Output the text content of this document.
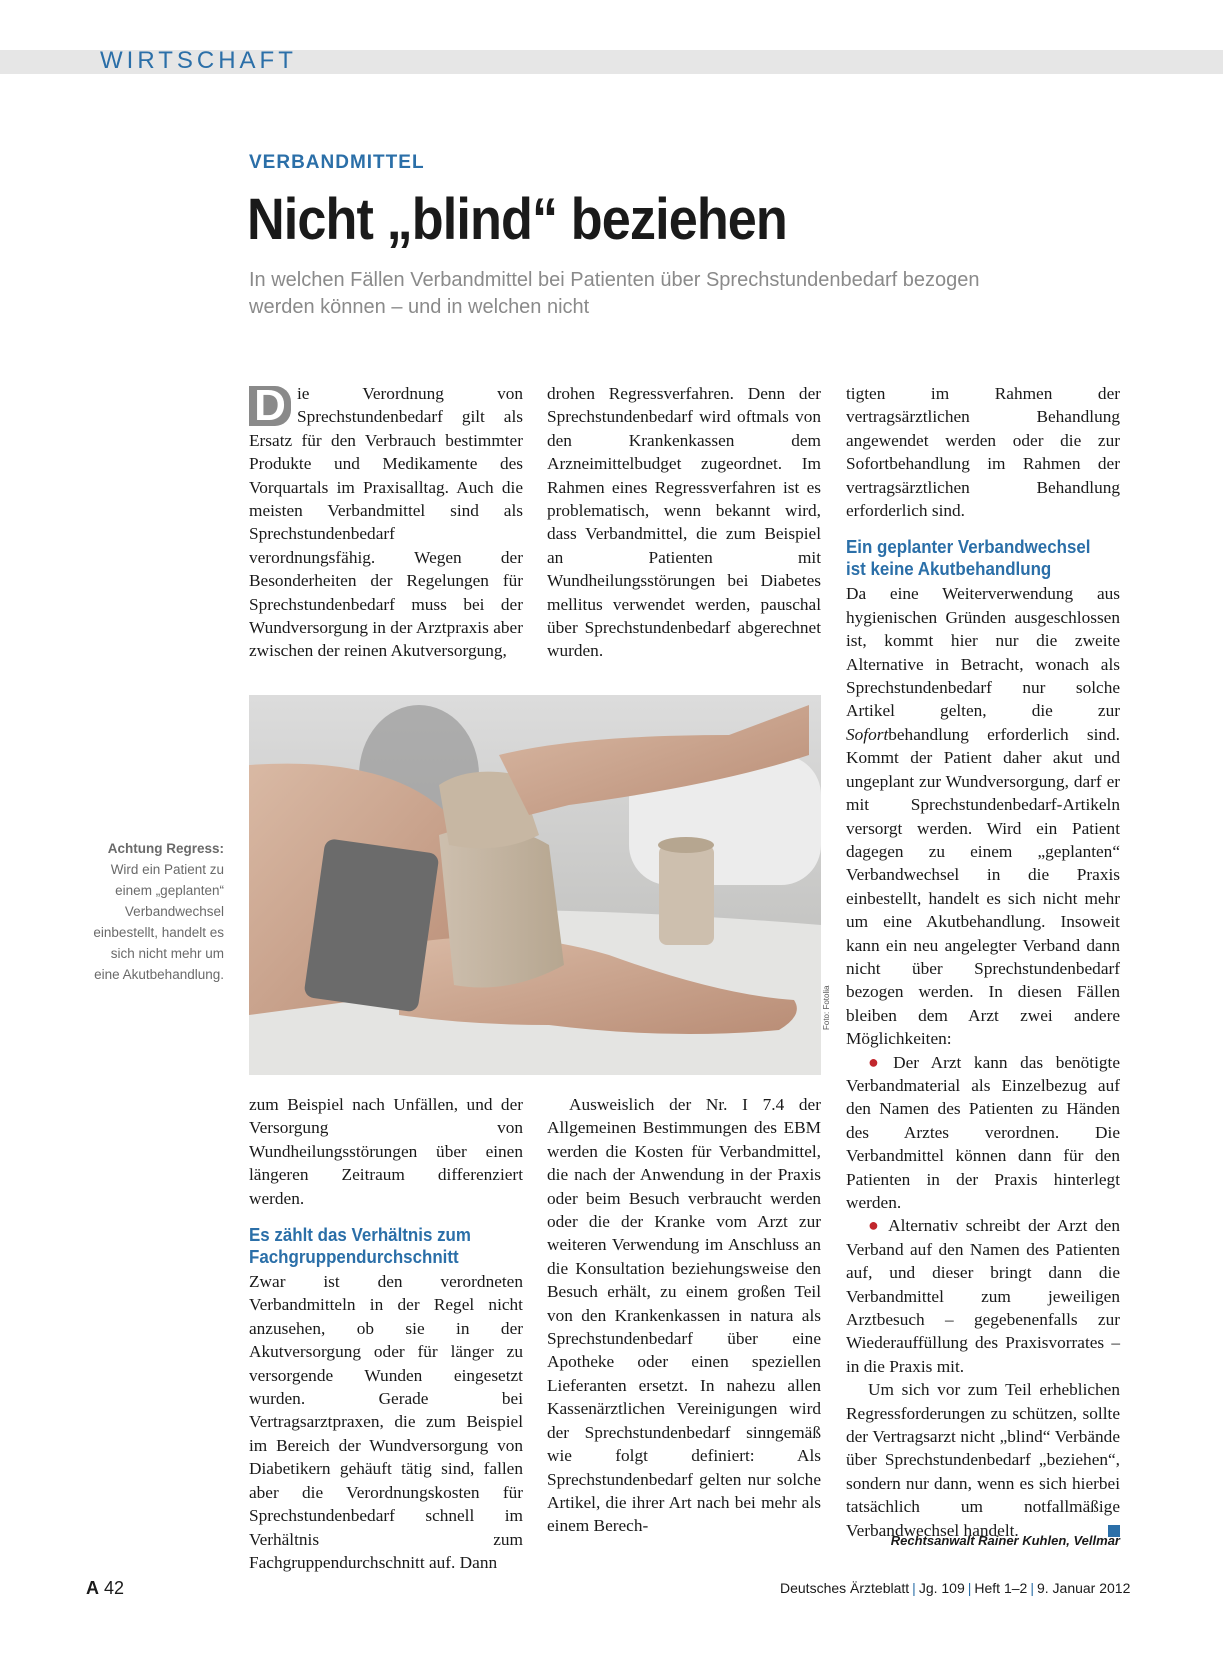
WIRTSCHAFT
VERBANDMITTEL
Nicht „blind“ beziehen
In welchen Fällen Verbandmittel bei Patienten über Sprechstundenbedarf bezogen werden können – und in welchen nicht
D ie Verordnung von Sprechstundenbedarf gilt als Ersatz für den Verbrauch bestimmter Produkte und Medikamente des Vorquartals im Praxisalltag. Auch die meisten Verbandmittel sind als Sprechstundenbedarf verordnungsfähig. Wegen der Besonderheiten der Regelungen für Sprechstundenbedarf muss bei der Wundversorgung in der Arztpraxis aber zwischen der reinen Akutversorgung,

drohen Regressverfahren. Denn der Sprechstundenbedarf wird oftmals von den Krankenkassen dem Arzneimittelbudget zugeordnet. Im Rahmen eines Regressverfahren ist es problematisch, wenn bekannt wird, dass Verbandmittel, die zum Beispiel an Patienten mit Wundheilungsstörungen bei Diabetes mellitus verwendet werden, pauschal über Sprechstundenbedarf abgerechnet wurden.

tigten im Rahmen der vertragsärztlichen Behandlung angewendet werden oder die zur Sofortbehandlung im Rahmen der vertragsärztlichen Behandlung erforderlich sind.

Ein geplanter Verbandwechsel ist keine Akutbehandlung

Da eine Weiterverwendung aus hygienischen Gründen ausgeschlossen ist, kommt hier nur die zweite Alternative in Betracht, wonach als Sprechstundenbedarf nur solche Artikel gelten, die zur Sofortbehandlung erforderlich sind. Kommt der Patient daher akut und ungeplant zur Wundversorgung, darf er mit Sprechstundenbedarf-Artikeln versorgt werden. Wird ein Patient dagegen zu einem „geplanten“ Verbandwechsel in die Praxis einbestellt, handelt es sich nicht mehr um eine Akutbehandlung. Insoweit kann ein neu angelegter Verband dann nicht über Sprechstundenbedarf bezogen werden. In diesen Fällen bleiben dem Arzt zwei andere Möglichkeiten:

● Der Arzt kann das benötigte Verbandmaterial als Einzelbezug auf den Namen des Patienten zu Händen des Arztes verordnen. Die Verbandmittel können dann für den Patienten in der Praxis hinterlegt werden.

● Alternativ schreibt der Arzt den Verband auf den Namen des Patienten auf, und dieser bringt dann die Verbandmittel zum jeweiligen Arztbesuch – gegebenenfalls zur Wiederauffüllung des Praxisvorrates – in die Praxis mit.

Um sich vor zum Teil erheblichen Regressforderungen zu schützen, sollte der Vertragsarzt nicht „blind“ Verbände über Sprechstundenbedarf „beziehen“, sondern nur dann, wenn es sich hierbei tatsächlich um notfallmäßige Verbandwechsel handelt.

Rechtsanwalt Rainer Kuhlen, Vellmar
Foto: Fotolia
Achtung Regress:
Wird ein Patient zu einem „geplanten“ Verbandwechsel einbestellt, handelt es sich nicht mehr um eine Akutbehandlung.

zum Beispiel nach Unfällen, und der Versorgung von Wundheilungsstörungen über einen längeren Zeitraum differenziert werden.

Es zählt das Verhältnis zum Fachgruppendurchschnitt

Zwar ist den verordneten Verbandmitteln in der Regel nicht anzusehen, ob sie in der Akutversorgung oder für länger zu versorgende Wunden eingesetzt wurden. Gerade bei Vertragsarztpraxen, die zum Beispiel im Bereich der Wundversorgung von Diabetikern gehäuft tätig sind, fallen aber die Verordnungskosten für Sprechstundenbedarf schnell im Verhältnis zum Fachgruppendurchschnitt auf. Dann

Ausweislich der Nr. I 7.4 der Allgemeinen Bestimmungen des EBM werden die Kosten für Verbandmittel, die nach der Anwendung in der Praxis oder beim Besuch verbraucht werden oder die der Kranke vom Arzt zur weiteren Verwendung im Anschluss an die Konsultation beziehungsweise den Besuch erhält, zu einem großen Teil von den Krankenkassen in natura als Sprechstundenbedarf über eine Apotheke oder einen speziellen Lieferanten ersetzt. In nahezu allen Kassenärztlichen Vereinigungen wird der Sprechstundenbedarf sinngemäß wie folgt definiert: Als Sprechstundenbedarf gelten nur solche Artikel, die ihrer Art nach bei mehr als einem Berech-

A 42	Deutsches Ärzteblatt | Jg. 109 | Heft 1–2 | 9. Januar 2012
